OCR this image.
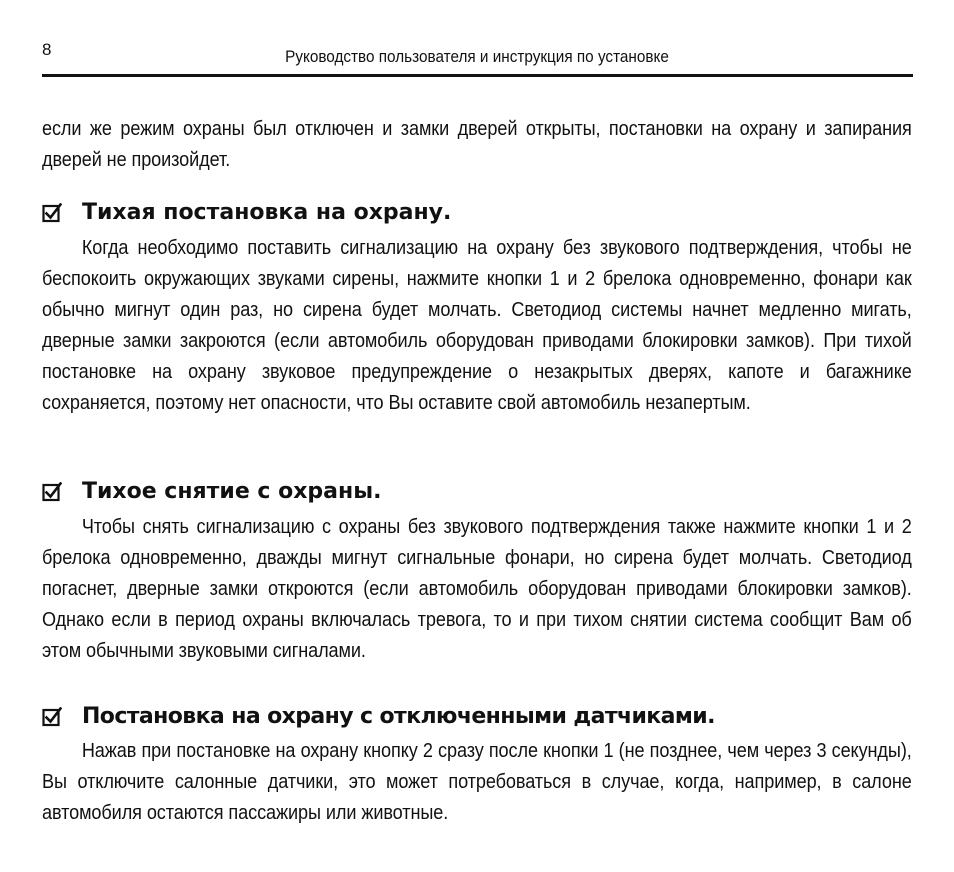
8	Руководство пользователя и инструкция по установке

если же режим охраны был отключен и замки дверей открыты, постановки на охрану и запирания дверей не произойдет.

Тихая постановка на охрану.

Когда необходимо поставить сигнализацию на охрану без звукового подтверждения, чтобы не беспокоить окружающих звуками сирены, нажмите кнопки 1 и 2 брелока одновременно, фонари как обычно мигнут один раз, но сирена будет молчать. Светодиод системы начнет медленно мигать, дверные замки закроются (если автомобиль оборудован приводами блокировки замков). При тихой постановке на охрану звуковое предупреждение о незакрытых дверях, капоте и багажнике сохраняется, поэтому нет опасности, что Вы оставите свой автомобиль незапертым.

Тихое снятие с охраны.

Чтобы снять сигнализацию с охраны без звукового подтверждения также нажмите кнопки 1 и 2 брелока одновременно, дважды мигнут сигнальные фонари, но сирена будет молчать. Светодиод погаснет, дверные замки откроются (если автомобиль оборудован приводами блокировки замков). Однако если в период охраны включалась тревога, то и при тихом снятии система сообщит Вам об этом обычными звуковыми сигналами.

Постановка на охрану с отключенными датчиками.

Нажав при постановке на охрану кнопку 2 сразу после кнопки 1 (не позднее, чем через 3 секунды), Вы отключите салонные датчики, это может потребоваться в случае, когда, например, в салоне автомобиля остаются пассажиры или животные.
